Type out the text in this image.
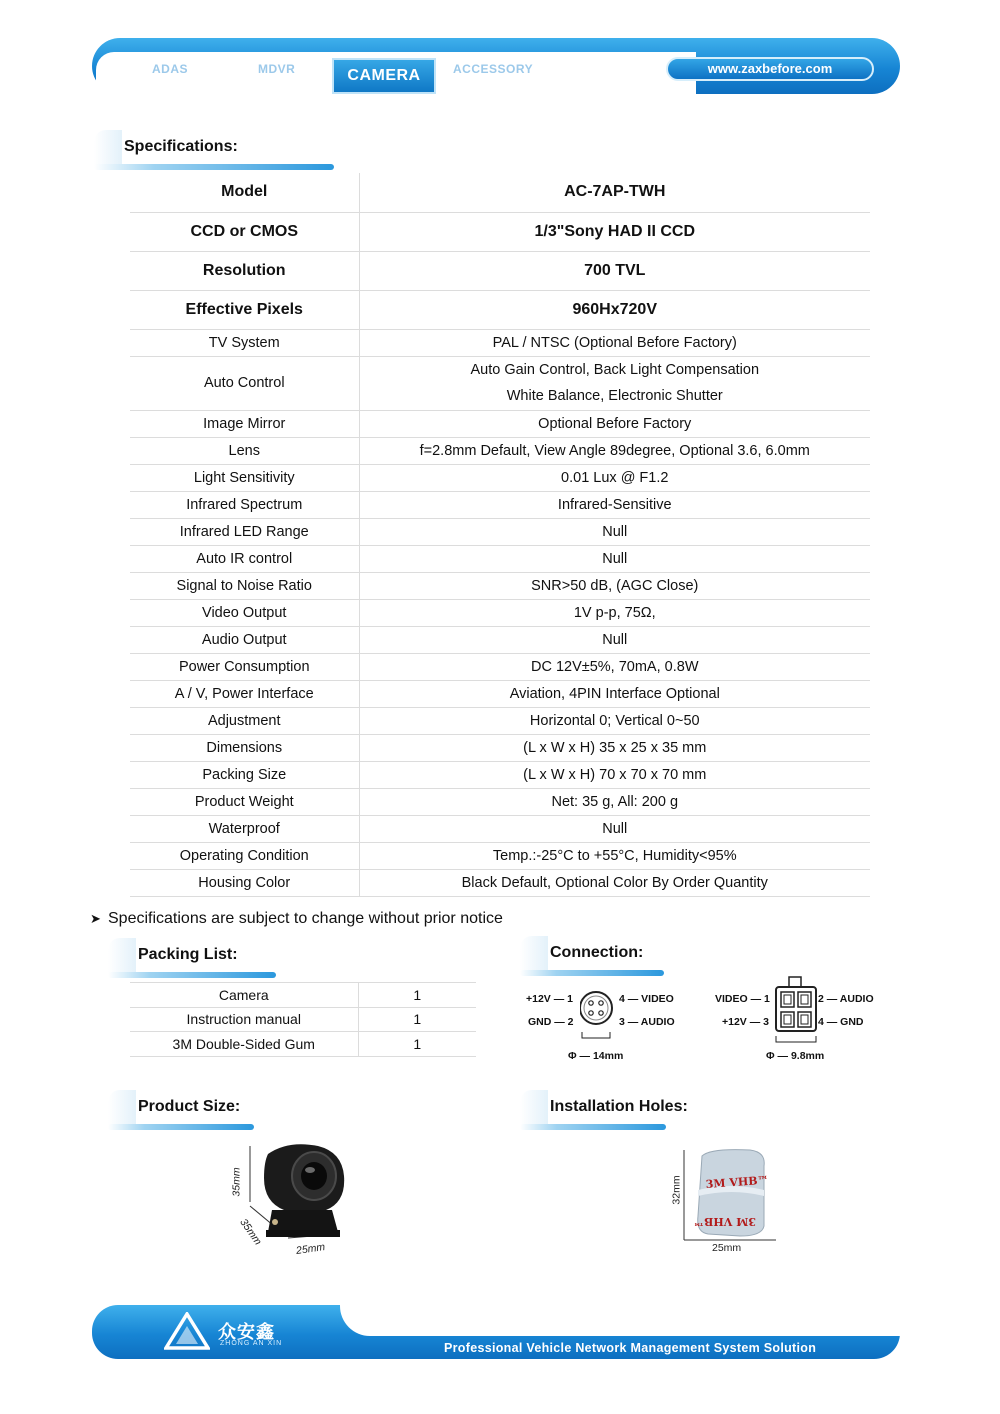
ADAS	MDVR	CAMERA	ACCESSORY	www.zaxbefore.com
Specifications:
Model	AC-7AP-TWH
CCD or CMOS	1/3"Sony HAD II CCD
Resolution	700 TVL
Effective Pixels	960Hx720V
TV System	PAL / NTSC (Optional Before Factory)
Auto Control	Auto Gain Control, Back Light Compensation
White Balance, Electronic Shutter

Image Mirror	Optional Before Factory
Lens	f=2.8mm Default, View Angle 89degree, Optional 3.6, 6.0mm
Light Sensitivity	0.01 Lux @ F1.2
Infrared Spectrum	Infrared-Sensitive
Infrared LED Range	Null
Auto IR control	Null
Signal to Noise Ratio	SNR>50 dB, (AGC Close)
Video Output	1V p-p, 75Ω,
Audio Output	Null
Power Consumption	DC 12V±5%, 70mA, 0.8W
A / V, Power Interface	Aviation, 4PIN Interface Optional
Adjustment	Horizontal 0; Vertical 0~50
Dimensions	(L x W x H) 35 x 25 x 35 mm
Packing Size	(L x W x H) 70 x 70 x 70 mm
Product Weight	Net: 35 g, All: 200 g
Waterproof	Null
Operating Condition	Temp.:-25°C to +55°C, Humidity<95%
Housing Color	Black Default, Optional Color By Order Quantity
➤ Specifications are subject to change without prior notice
Packing List:
Camera	1
Instruction manual	1
3M Double-Sided Gum	1
Connection:
+12V — 1
GND — 2
4 — VIDEO
3 — AUDIO
Φ — 14mm
VIDEO — 1
+12V — 3
2 — AUDIO
4 — GND
Φ — 9.8mm
Product Size:
35mm
35mm
25mm
Installation Holes:
3M VHB™
3M VHB™
32mm
25mm
众安鑫
ZHONG AN XIN	Professional Vehicle Network Management System Solution
